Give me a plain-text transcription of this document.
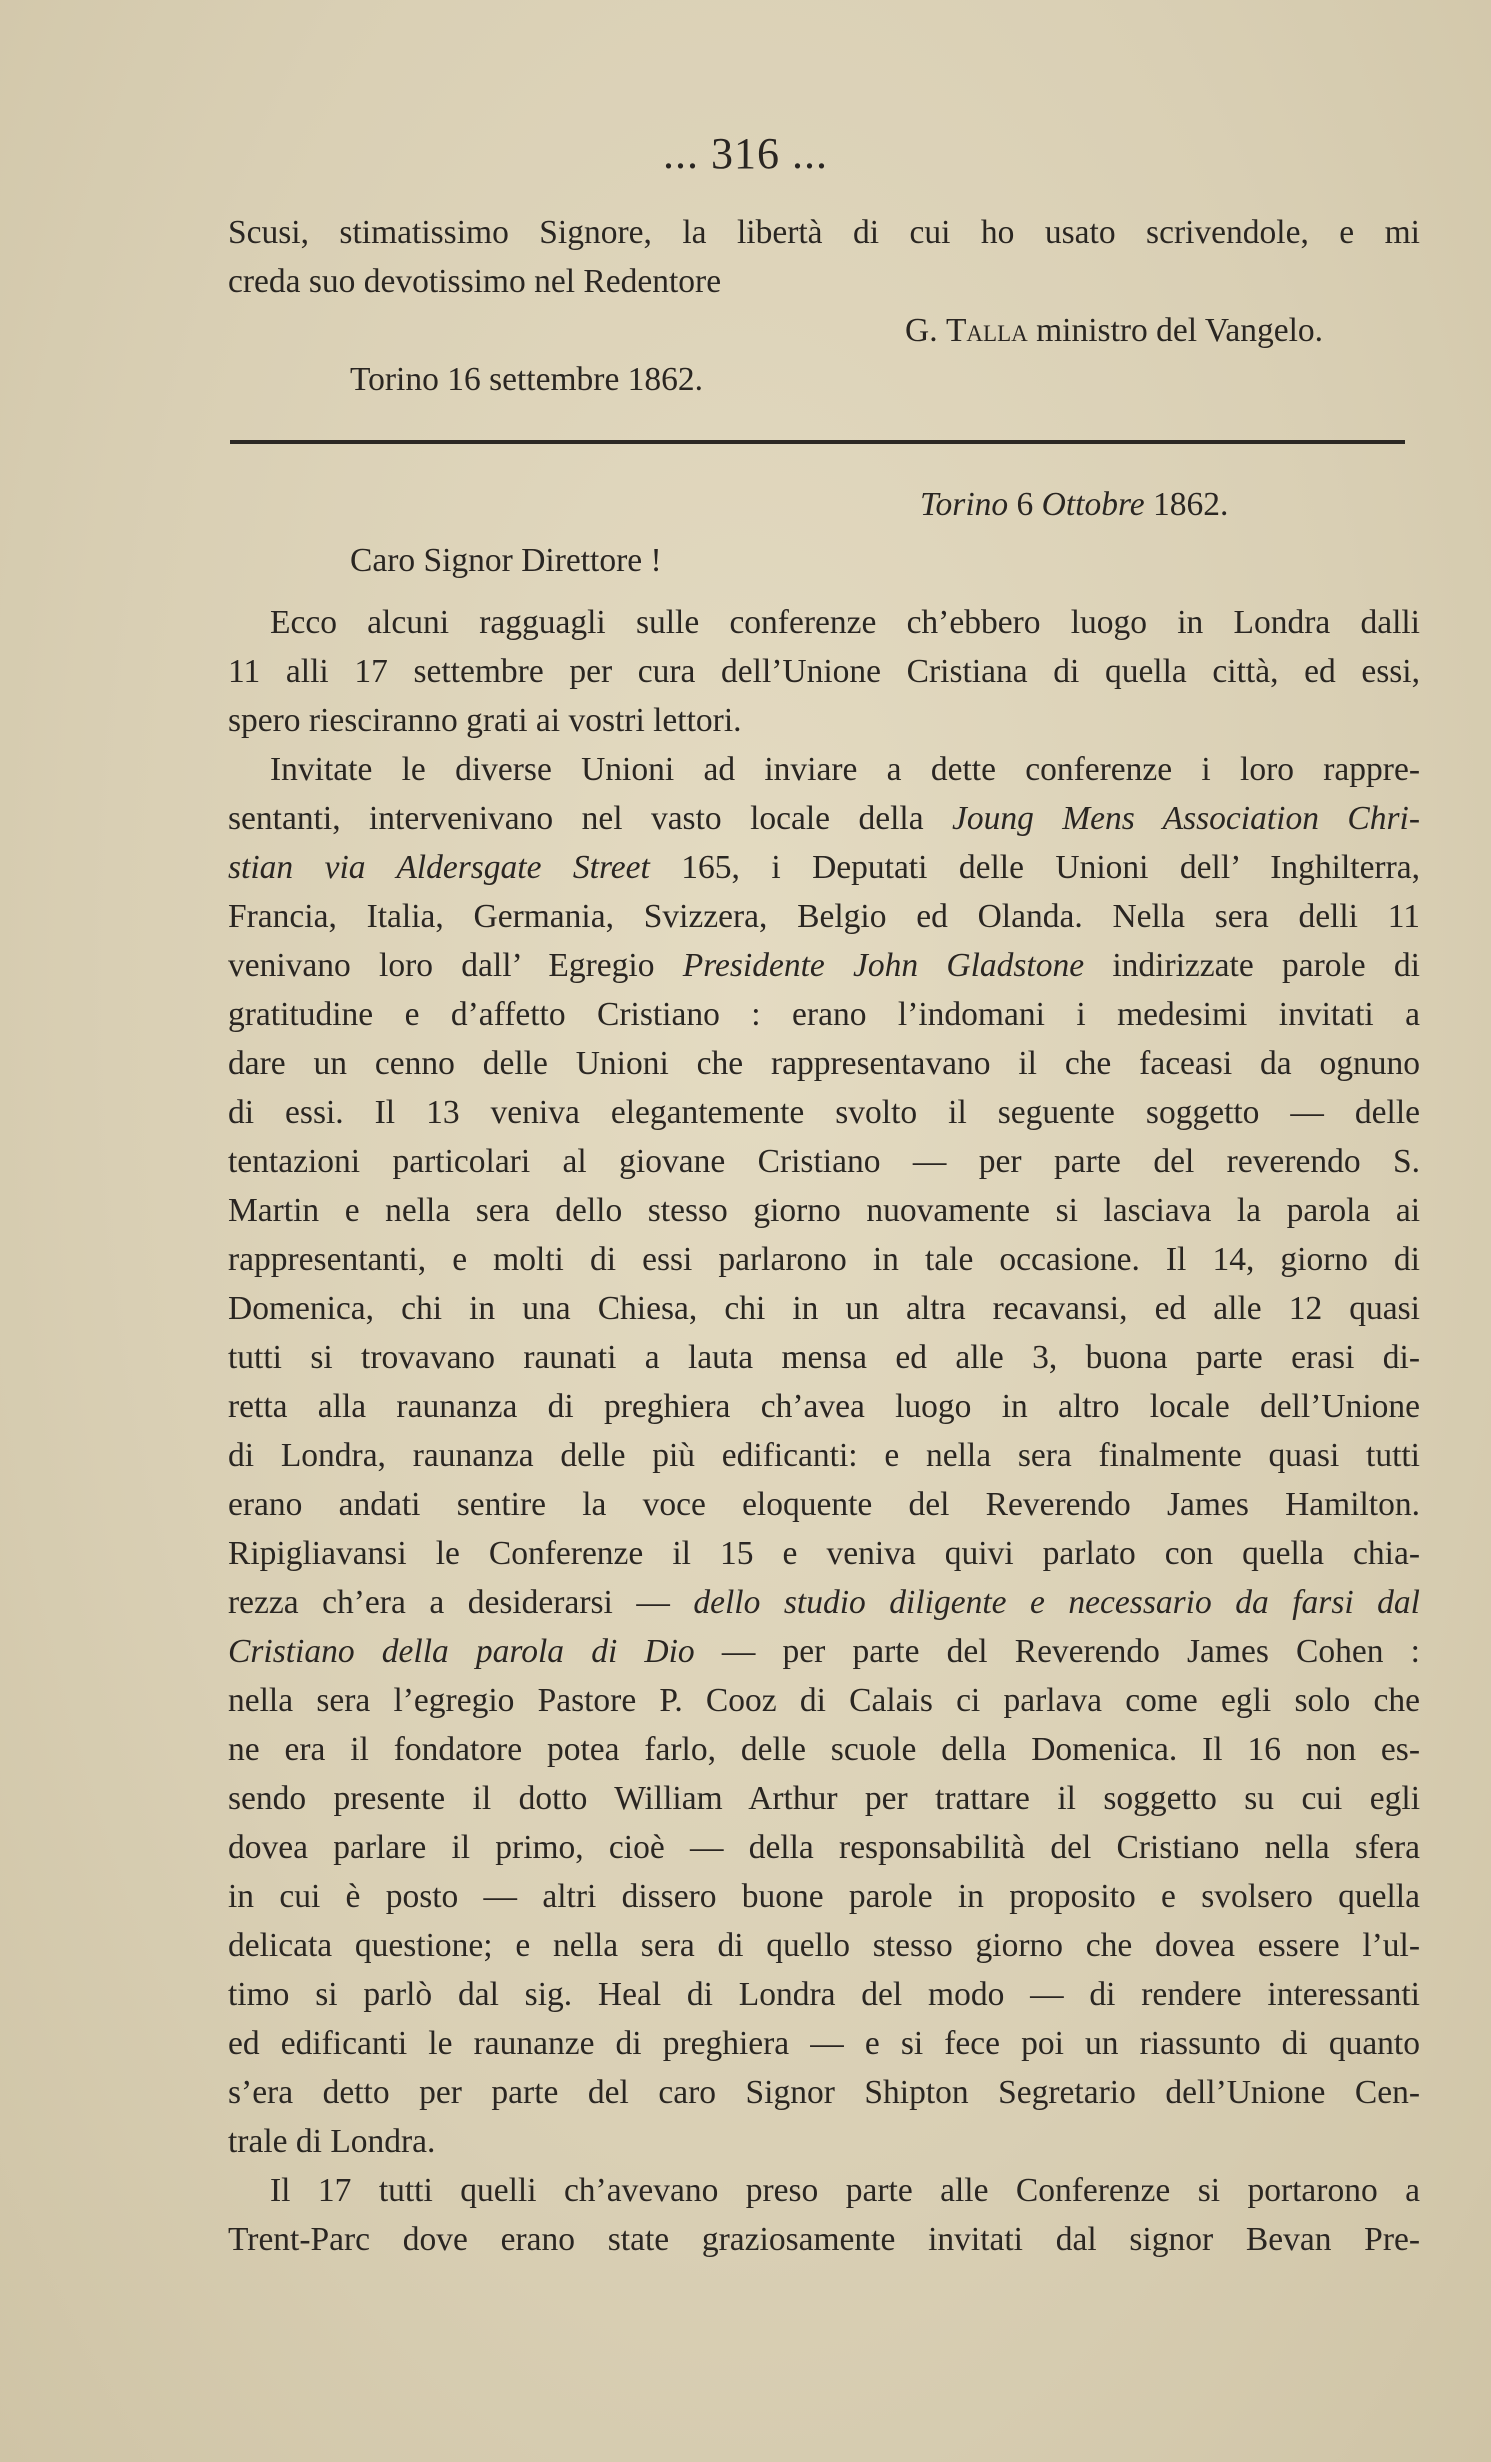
... 316 ...
Scusi, stimatissimo Signore, la libertà di cui ho usato scrivendole, e mi
creda suo devotissimo nel Redentore
G. Talla ministro del Vangelo.
Torino 16 settembre 1862.
Torino 6 Ottobre 1862.
Caro Signor Direttore !
Ecco alcuni ragguagli sulle conferenze ch’ebbero luogo in Londra dalli
11 alli 17 settembre per cura dell’Unione Cristiana di quella città, ed essi,
spero riesciranno grati ai vostri lettori.
Invitate le diverse Unioni ad inviare a dette conferenze i loro rappre-
sentanti, intervenivano nel vasto locale della Joung Mens Association Chri-
stian via Aldersgate Street 165, i Deputati delle Unioni dell’ Inghilterra,
Francia, Italia, Germania, Svizzera, Belgio ed Olanda. Nella sera delli 11
venivano loro dall’ Egregio Presidente John Gladstone indirizzate parole di
gratitudine e d’affetto Cristiano : erano l’indomani i medesimi invitati a
dare un cenno delle Unioni che rappresentavano il che faceasi da ognuno
di essi. Il 13 veniva elegantemente svolto il seguente soggetto — delle
tentazioni particolari al giovane Cristiano — per parte del reverendo S.
Martin e nella sera dello stesso giorno nuovamente si lasciava la parola ai
rappresentanti, e molti di essi parlarono in tale occasione. Il 14, giorno di
Domenica, chi in una Chiesa, chi in un altra recavansi, ed alle 12 quasi
tutti si trovavano raunati a lauta mensa ed alle 3, buona parte erasi di-
retta alla raunanza di preghiera ch’avea luogo in altro locale dell’Unione
di Londra, raunanza delle più edificanti: e nella sera finalmente quasi tutti
erano andati sentire la voce eloquente del Reverendo James Hamilton.
Ripigliavansi le Conferenze il 15 e veniva quivi parlato con quella chia-
rezza ch’era a desiderarsi — dello studio diligente e necessario da farsi dal
Cristiano della parola di Dio — per parte del Reverendo James Cohen :
nella sera l’egregio Pastore P. Cooz di Calais ci parlava come egli solo che
ne era il fondatore potea farlo, delle scuole della Domenica. Il 16 non es-
sendo presente il dotto William Arthur per trattare il soggetto su cui egli
dovea parlare il primo, cioè — della responsabilità del Cristiano nella sfera
in cui è posto — altri dissero buone parole in proposito e svolsero quella
delicata questione; e nella sera di quello stesso giorno che dovea essere l’ul-
timo si parlò dal sig. Heal di Londra del modo — di rendere interessanti
ed edificanti le raunanze di preghiera — e si fece poi un riassunto di quanto
s’era detto per parte del caro Signor Shipton Segretario dell’Unione Cen-
trale di Londra.
Il 17 tutti quelli ch’avevano preso parte alle Conferenze si portarono a
Trent-Parc dove erano state graziosamente invitati dal signor Bevan Pre-
